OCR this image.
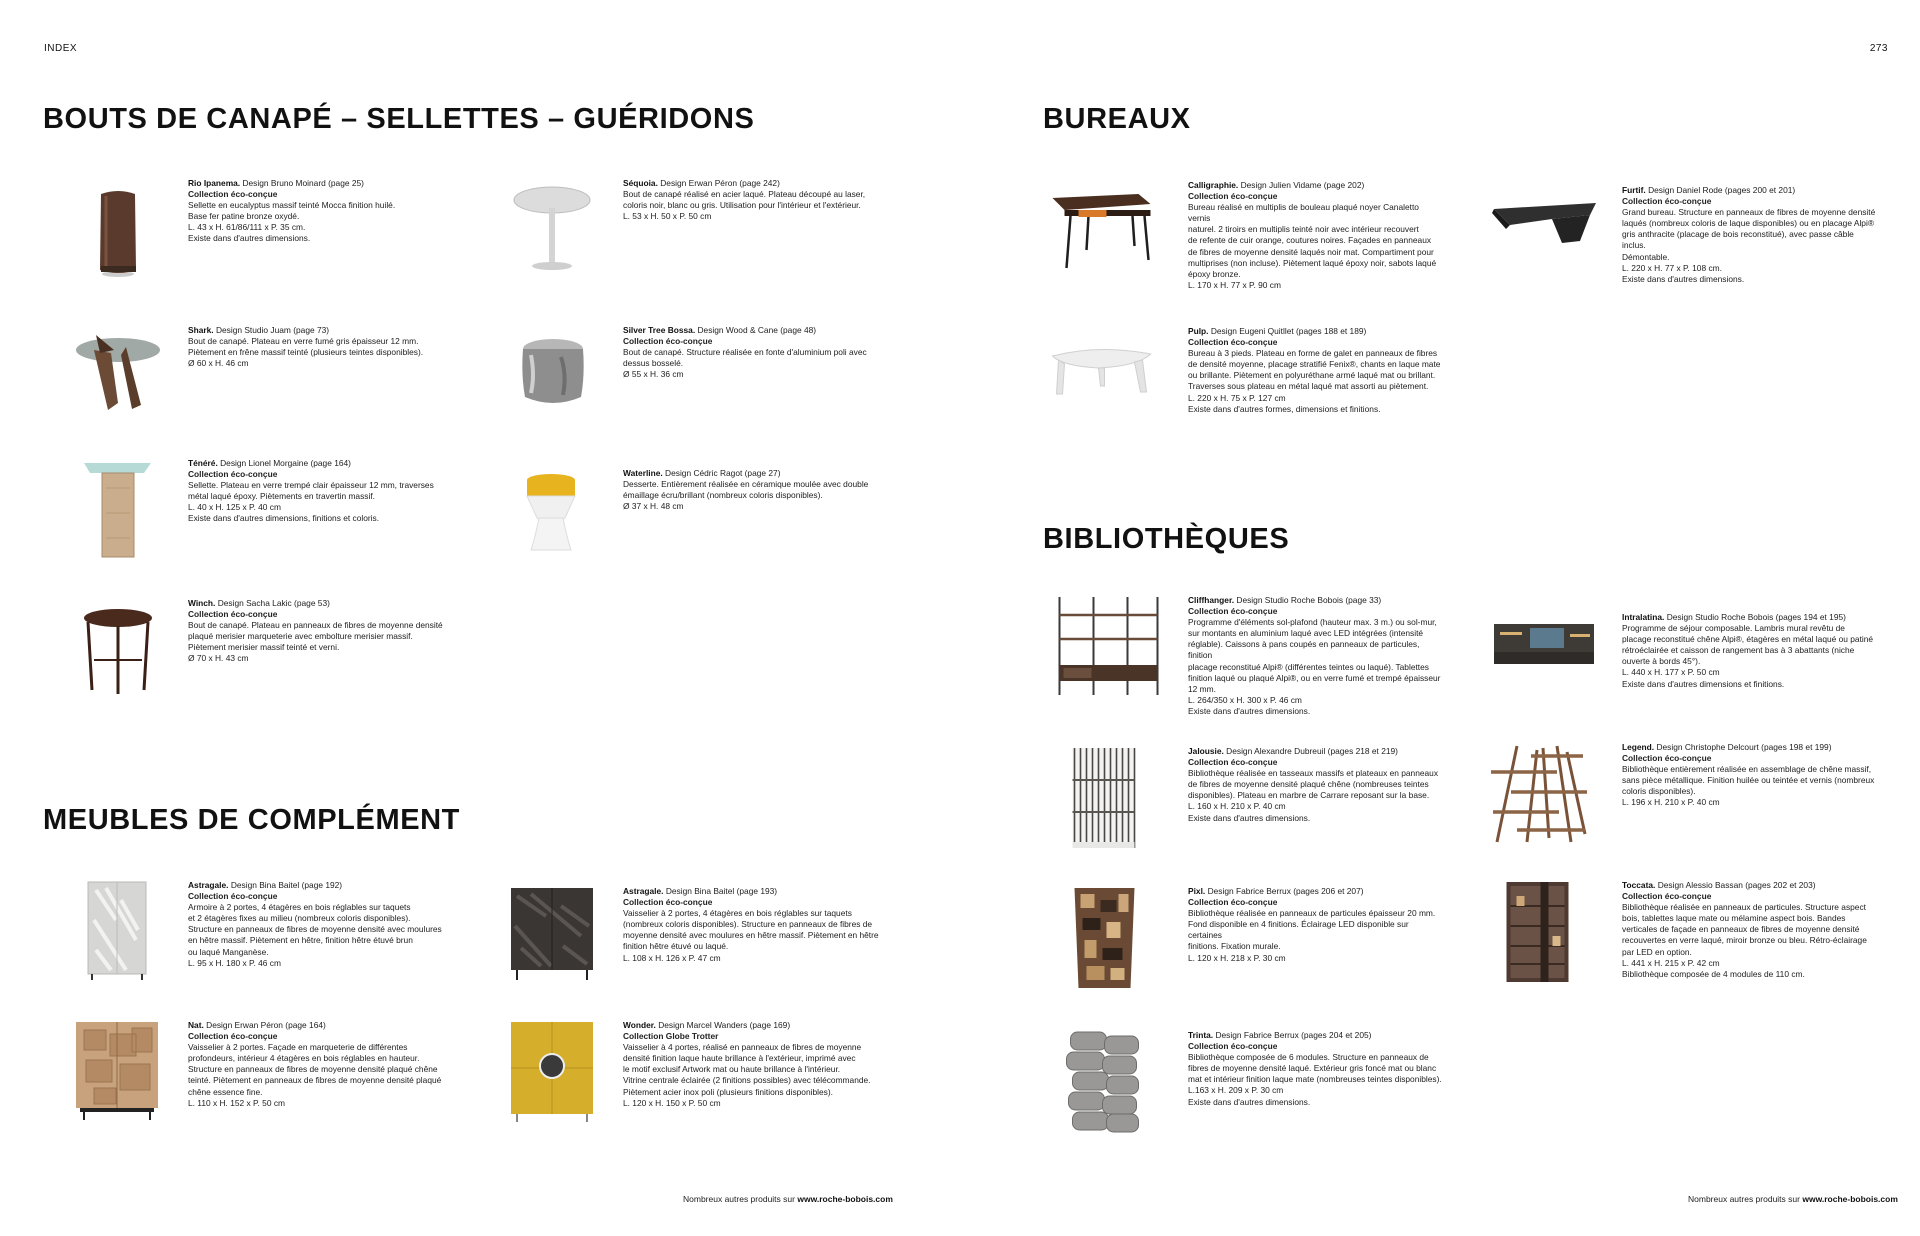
INDEX	273
BOUTS DE CANAPÉ – SELLETTES – GUÉRIDONS
MEUBLES DE COMPLÉMENT
BUREAUX
BIBLIOTHÈQUES
Rio Ipanema. Design Bruno Moinard (page 25)
Collection éco-conçue
Sellette en eucalyptus massif teinté Mocca finition huilé.
Base fer patine bronze oxydé.
L. 43 x H. 61/86/111 x P. 35 cm.
Existe dans d'autres dimensions.
Séquoia. Design Erwan Péron (page 242)
Bout de canapé réalisé en acier laqué. Plateau découpé au laser,
coloris noir, blanc ou gris. Utilisation pour l'intérieur et l'extérieur.
L. 53 x H. 50 x P. 50 cm
Shark. Design Studio Juam (page 73)
Bout de canapé. Plateau en verre fumé gris épaisseur 12 mm.
Piètement en frêne massif teinté (plusieurs teintes disponibles).
Ø 60 x H. 46 cm
Silver Tree Bossa. Design Wood & Cane (page 48)
Collection éco-conçue
Bout de canapé. Structure réalisée en fonte d'aluminium poli avec
dessus bosselé.
Ø 55 x H. 36 cm
Ténéré. Design Lionel Morgaine (page 164)
Collection éco-conçue
Sellette. Plateau en verre trempé clair épaisseur 12 mm, traverses
métal laqué époxy. Piètements en travertin massif.
L. 40 x H. 125 x P. 40 cm
Existe dans d'autres dimensions, finitions et coloris.
Waterline. Design Cédric Ragot (page 27)
Desserte. Entièrement réalisée en céramique moulée avec double
émaillage écru/brillant (nombreux coloris disponibles).
Ø 37 x H. 48 cm
Winch. Design Sacha Lakic (page 53)
Collection éco-conçue
Bout de canapé. Plateau en panneaux de fibres de moyenne densité
plaqué merisier marqueterie avec embolture merisier massif.
Piètement merisier massif teinté et verni.
Ø 70 x H. 43 cm
Astragale. Design Bina Baitel (page 192)
Collection éco-conçue
Armoire à 2 portes, 4 étagères en bois réglables sur taquets
et 2 étagères fixes au milieu (nombreux coloris disponibles).
Structure en panneaux de fibres de moyenne densité avec moulures
en hêtre massif. Piètement en hêtre, finition hêtre étuvé brun
ou laqué Manganèse.
L. 95 x H. 180 x P. 46 cm
Astragale. Design Bina Baitel (page 193)
Collection éco-conçue
Vaisselier à 2 portes, 4 étagères en bois réglables sur taquets
(nombreux coloris disponibles). Structure en panneaux de fibres de
moyenne densité avec moulures en hêtre massif. Piètement en hêtre
finition hêtre étuvé ou laqué.
L. 108 x H. 126 x P. 47 cm
Nat. Design Erwan Péron (page 164)
Collection éco-conçue
Vaisselier à 2 portes. Façade en marqueterie de différentes
profondeurs, intérieur 4 étagères en bois réglables en hauteur.
Structure en panneaux de fibres de moyenne densité plaqué chêne
teinté. Piètement en panneaux de fibres de moyenne densité plaqué
chêne essence fine.
L. 110 x H. 152 x P. 50 cm
Wonder. Design Marcel Wanders (page 169)
Collection Globe Trotter
Vaisselier à 4 portes, réalisé en panneaux de fibres de moyenne
densité finition laque haute brillance à l'extérieur, imprimé avec
le motif exclusif Artwork mat ou haute brillance à l'intérieur.
Vitrine centrale éclairée (2 finitions possibles) avec télécommande.
Piètement acier inox poli (plusieurs finitions disponibles).
L. 120 x H. 150 x P. 50 cm
Nombreux autres produits sur www.roche-bobois.com
Calligraphie. Design Julien Vidame (page 202)
Collection éco-conçue
Bureau réalisé en multiplis de bouleau plaqué noyer Canaletto vernis
naturel. 2 tiroirs en multiplis teinté noir avec intérieur recouvert
de refente de cuir orange, coutures noires. Façades en panneaux
de fibres de moyenne densité laqués noir mat. Compartiment pour
multiprises (non incluse). Piètement laqué époxy noir, sabots laqué
époxy bronze.
L. 170 x H. 77 x P. 90 cm
Furtif. Design Daniel Rode (pages 200 et 201)
Collection éco-conçue
Grand bureau. Structure en panneaux de fibres de moyenne densité
laqués (nombreux coloris de laque disponibles) ou en placage Alpi®
gris anthracite (placage de bois reconstitué), avec passe câble inclus.
Démontable.
L. 220 x H. 77 x P. 108 cm.
Existe dans d'autres dimensions.
Pulp. Design Eugeni Quitllet (pages 188 et 189)
Collection éco-conçue
Bureau à 3 pieds. Plateau en forme de galet en panneaux de fibres
de densité moyenne, placage stratifié Fenix®, chants en laque mate
ou brillante. Piètement en polyuréthane armé laqué mat ou brillant.
Traverses sous plateau en métal laqué mat assorti au piètement.
L. 220 x H. 75 x P. 127 cm
Existe dans d'autres formes, dimensions et finitions.
Cliffhanger. Design Studio Roche Bobois (page 33)
Collection éco-conçue
Programme d'éléments sol-plafond (hauteur max. 3 m.) ou sol-mur,
sur montants en aluminium laqué avec LED intégrées (intensité
réglable). Caissons à pans coupés en panneaux de particules, finition
placage reconstitué Alpi® (différentes teintes ou laqué). Tablettes
finition laqué ou plaqué Alpi®, ou en verre fumé et trempé épaisseur
12 mm.
L. 264/350 x H. 300 x P. 46 cm
Existe dans d'autres dimensions.
Intralatina. Design Studio Roche Bobois (pages 194 et 195)
Programme de séjour composable. Lambris mural revêtu de
placage reconstitué chêne Alpi®, étagères en métal laqué ou patiné
rétroéclairée et caisson de rangement bas à 3 abattants (niche
ouverte à bords 45°).
L. 440 x H. 177 x P. 50 cm
Existe dans d'autres dimensions et finitions.
Jalousie. Design Alexandre Dubreuil (pages 218 et 219)
Collection éco-conçue
Bibliothèque réalisée en tasseaux massifs et plateaux en panneaux
de fibres de moyenne densité plaqué chêne (nombreuses teintes
disponibles). Plateau en marbre de Carrare reposant sur la base.
L. 160 x H. 210 x P. 40 cm
Existe dans d'autres dimensions.
Legend. Design Christophe Delcourt (pages 198 et 199)
Collection éco-conçue
Bibliothèque entièrement réalisée en assemblage de chêne massif,
sans pièce métallique. Finition huilée ou teintée et vernis (nombreux
coloris disponibles).
L. 196 x H. 210 x P. 40 cm
Pixl. Design Fabrice Berrux (pages 206 et 207)
Collection éco-conçue
Bibliothèque réalisée en panneaux de particules épaisseur 20 mm.
Fond disponible en 4 finitions. Éclairage LED disponible sur certaines
finitions. Fixation murale.
L. 120 x H. 218 x P. 30 cm
Toccata. Design Alessio Bassan (pages 202 et 203)
Collection éco-conçue
Bibliothèque réalisée en panneaux de particules. Structure aspect
bois, tablettes laque mate ou mélamine aspect bois. Bandes
verticales de façade en panneaux de fibres de moyenne densité
recouvertes en verre laqué, miroir bronze ou bleu. Rétro-éclairage
par LED en option.
L. 441 x H. 215 x P. 42 cm
Bibliothèque composée de 4 modules de 110 cm.
Trinta. Design Fabrice Berrux (pages 204 et 205)
Collection éco-conçue
Bibliothèque composée de 6 modules. Structure en panneaux de
fibres de moyenne densité laqué. Extérieur gris foncé mat ou blanc
mat et intérieur finition laque mate (nombreuses teintes disponibles).
L.163 x H. 209 x P. 30 cm
Existe dans d'autres dimensions.
Nombreux autres produits sur www.roche-bobois.com
